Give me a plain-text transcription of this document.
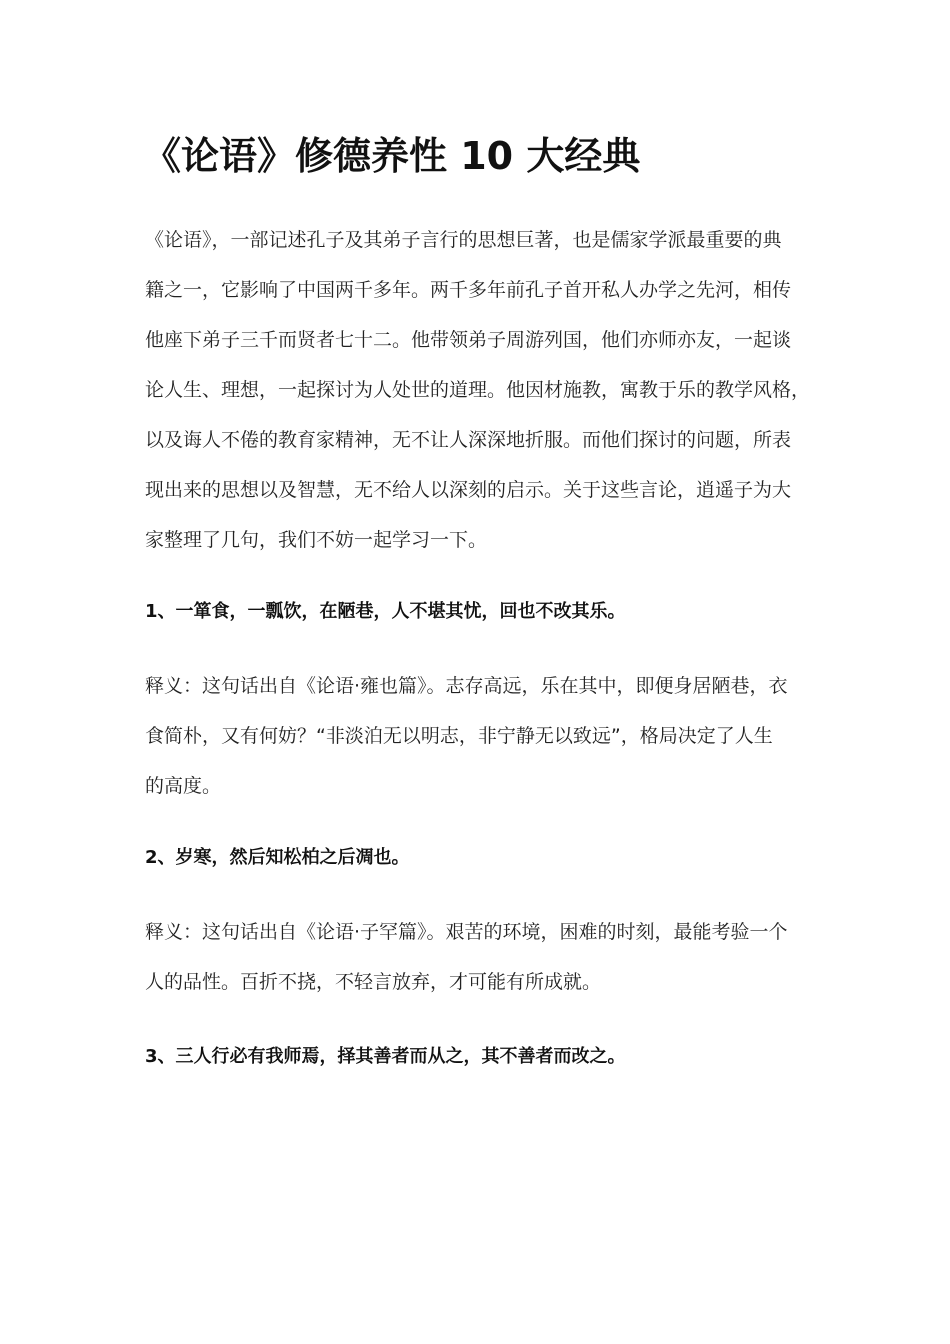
《论语》修德养性 10 大经典
《论语》，一部记述孔子及其弟子言行的思想巨著，也是儒家学派最重要的典
籍之一，它影响了中国两千多年。两千多年前孔子首开私人办学之先河，相传
他座下弟子三千而贤者七十二。他带领弟子周游列国，他们亦师亦友，一起谈
论人生、理想，一起探讨为人处世的道理。他因材施教，寓教于乐的教学风格，
以及诲人不倦的教育家精神，无不让人深深地折服。而他们探讨的问题，所表
现出来的思想以及智慧，无不给人以深刻的启示。关于这些言论，逍遥子为大
家整理了几句，我们不妨一起学习一下。
1、一箪食，一瓢饮，在陋巷，人不堪其忧，回也不改其乐。
释义：这句话出自《论语·雍也篇》。志存高远，乐在其中，即便身居陋巷，衣
食简朴，又有何妨？“非淡泊无以明志，非宁静无以致远”，格局决定了人生
的高度。
2、岁寒，然后知松柏之后凋也。
释义：这句话出自《论语·子罕篇》。艰苦的环境，困难的时刻，最能考验一个
人的品性。百折不挠，不轻言放弃，才可能有所成就。
3、三人行必有我师焉，择其善者而从之，其不善者而改之。
